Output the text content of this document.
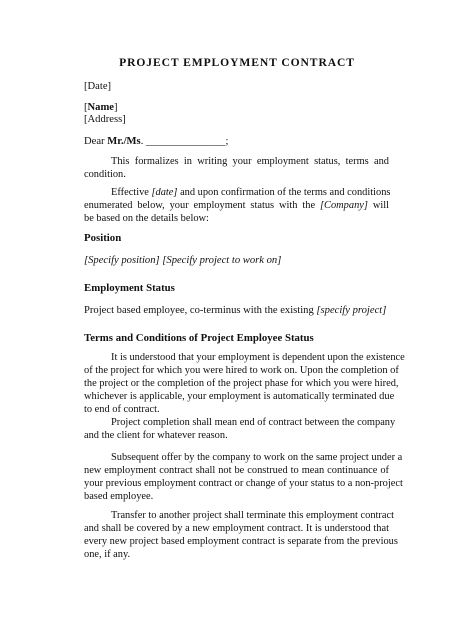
PROJECT EMPLOYMENT CONTRACT
[Date]
[Name]
[Address]
Dear Mr./Ms. _______________;
This formalizes in writing your employment status, terms and
condition.
Effective [date] and upon confirmation of the terms and conditions
enumerated below, your employment status with the [Company] will
be based on the details below:
Position
[Specify position] [Specify project to work on]
Employment Status
Project based employee, co-terminus with the existing [specify project]
Terms and Conditions of Project Employee Status
It is understood that your employment is dependent upon the existence
of the project for which you were hired to work on. Upon the completion of
the project or the completion of the project phase for which you were hired,
whichever is applicable, your employment is automatically terminated due
to end of contract.
Project completion shall mean end of contract between the company
and the client for whatever reason.
Subsequent offer by the company to work on the same project under a
new employment contract shall not be construed to mean continuance of
your previous employment contract or change of your status to a non-project
based employee.
Transfer to another project shall terminate this employment contract
and shall be covered by a new employment contract. It is understood that
every new project based employment contract is separate from the previous
one, if any.
